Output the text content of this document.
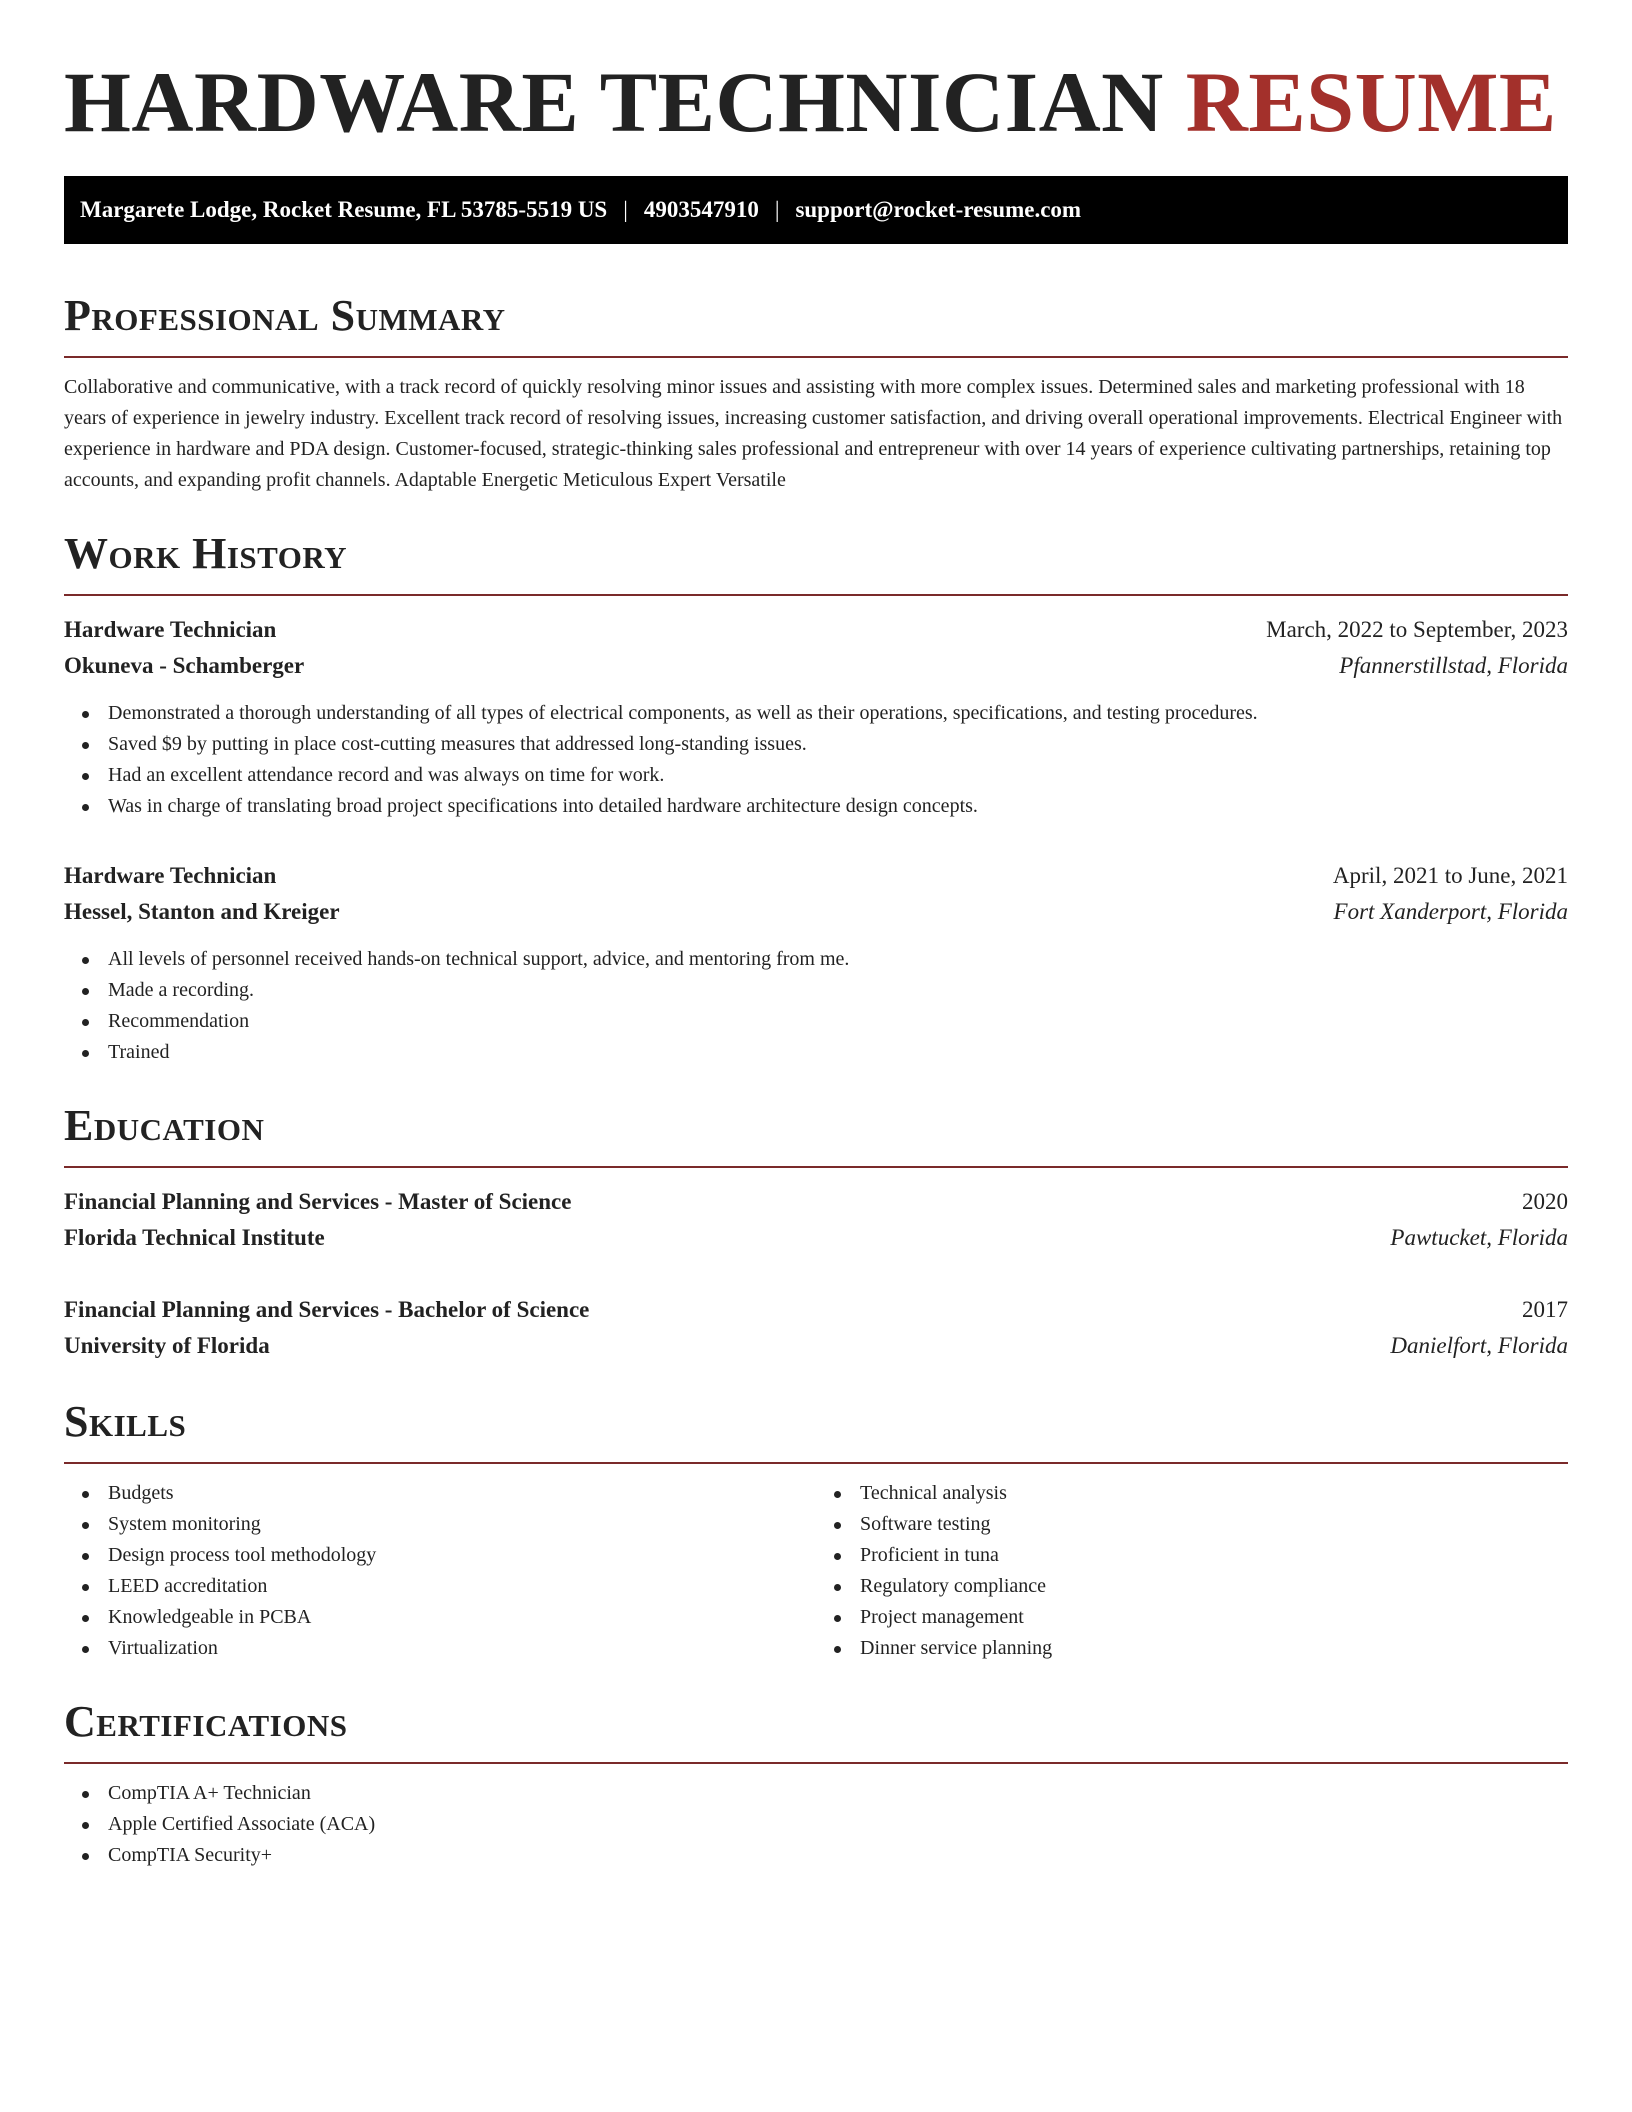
HARDWARE TECHNICIAN RESUME
Margarete Lodge, Rocket Resume, FL 53785-5519 US | 4903547910 | support@rocket-resume.com
Professional Summary

Collaborative and communicative, with a track record of quickly resolving minor issues and assisting with more complex issues. Determined sales and marketing professional with 18 years of experience in jewelry industry. Excellent track record of resolving issues, increasing customer satisfaction, and driving overall operational improvements. Electrical Engineer with experience in hardware and PDA design. Customer-focused, strategic-thinking sales professional and entrepreneur with over 14 years of experience cultivating partnerships, retaining top accounts, and expanding profit channels. Adaptable Energetic Meticulous Expert Versatile

Work History
Hardware Technician	March, 2022 to September, 2023
Okuneva - Schamberger	Pfannerstillstad, Florida
Demonstrated a thorough understanding of all types of electrical components, as well as their operations, specifications, and testing procedures.
Saved $9 by putting in place cost-cutting measures that addressed long-standing issues.
Had an excellent attendance record and was always on time for work.
Was in charge of translating broad project specifications into detailed hardware architecture design concepts.
Hardware Technician	April, 2021 to June, 2021
Hessel, Stanton and Kreiger	Fort Xanderport, Florida
All levels of personnel received hands-on technical support, advice, and mentoring from me.
Made a recording.
Recommendation
Trained
Education
Financial Planning and Services - Master of Science	2020
Florida Technical Institute	Pawtucket, Florida
Financial Planning and Services - Bachelor of Science	2017
University of Florida	Danielfort, Florida
Skills
Budgets
System monitoring
Design process tool methodology
LEED accreditation
Knowledgeable in PCBA
Virtualization
Technical analysis
Software testing
Proficient in tuna
Regulatory compliance
Project management
Dinner service planning
Certifications
CompTIA A+ Technician
Apple Certified Associate (ACA)
CompTIA Security+
